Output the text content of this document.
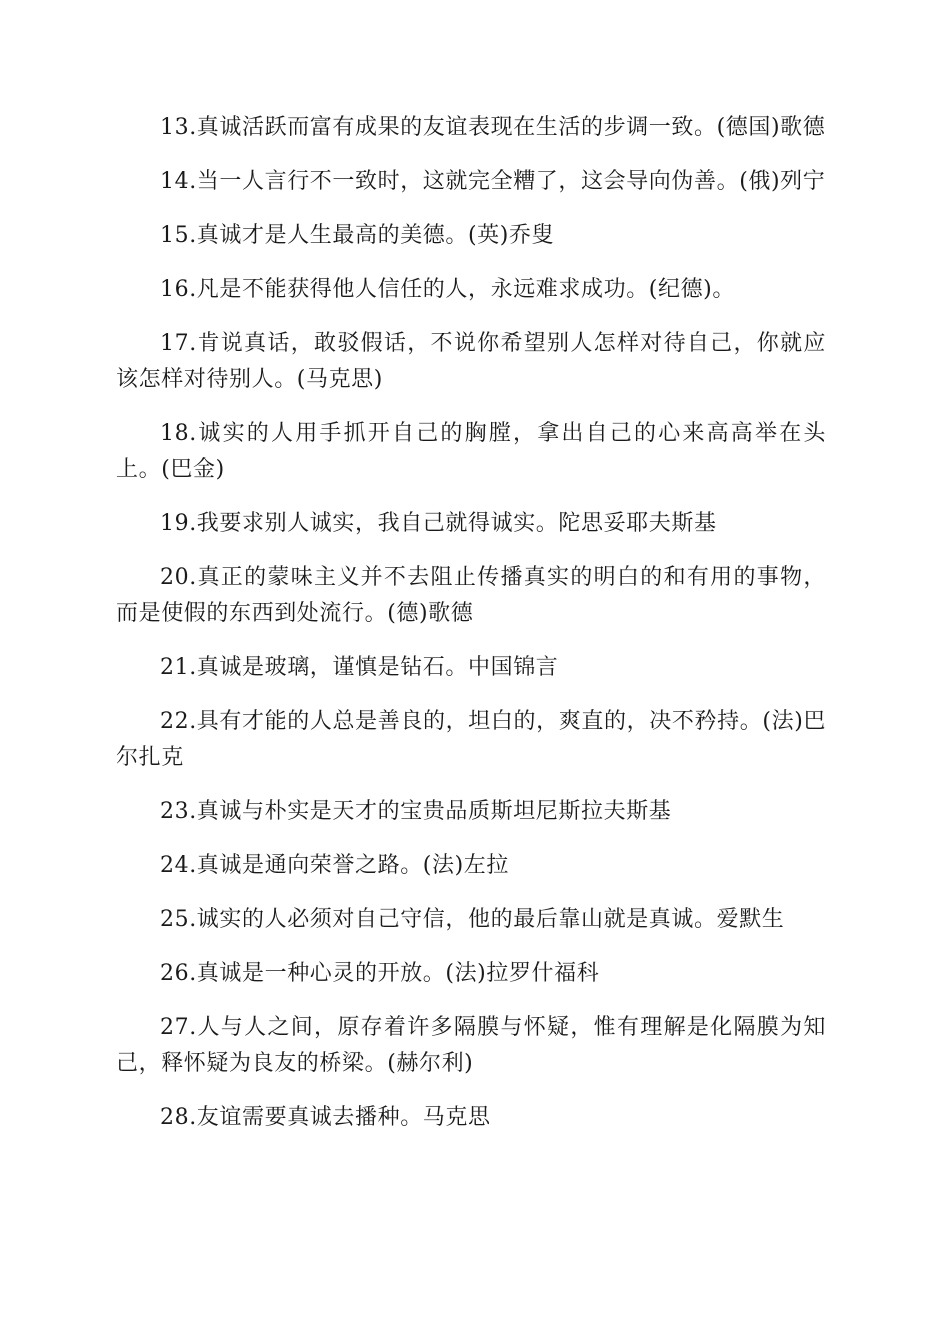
13.真诚活跃而富有成果的友谊表现在生活的步调一致。(德国)歌德

14.当一人言行不一致时，这就完全糟了，这会导向伪善。(俄)列宁

15.真诚才是人生最高的美德。(英)乔叟

16.凡是不能获得他人信任的人，永远难求成功。(纪德)。

17.肯说真话，敢驳假话，不说你希望别人怎样对待自己，你就应该怎样对待别人。(马克思)

18.诚实的人用手抓开自己的胸膛，拿出自己的心来高高举在头上。(巴金)

19.我要求别人诚实，我自己就得诚实。陀思妥耶夫斯基

20.真正的蒙味主义并不去阻止传播真实的明白的和有用的事物，而是使假的东西到处流行。(德)歌德

21.真诚是玻璃，谨慎是钻石。中国锦言

22.具有才能的人总是善良的，坦白的，爽直的，决不矜持。(法)巴尔扎克

23.真诚与朴实是天才的宝贵品质斯坦尼斯拉夫斯基

24.真诚是通向荣誉之路。(法)左拉

25.诚实的人必须对自己守信，他的最后靠山就是真诚。爱默生

26.真诚是一种心灵的开放。(法)拉罗什福科

27.人与人之间，原存着许多隔膜与怀疑，惟有理解是化隔膜为知己，释怀疑为良友的桥梁。(赫尔利)

28.友谊需要真诚去播种。马克思
